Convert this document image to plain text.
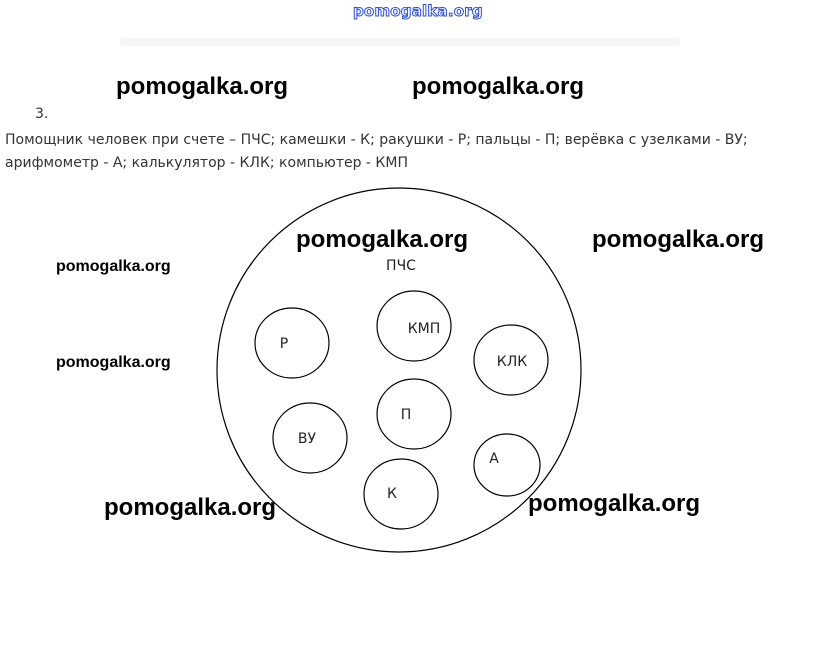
pomogalka.org
pomogalka.org	pomogalka.org
3.
Помощник человек при счете – ПЧС; камешки - К; ракушки - Р; пальцы - П; верёвка с узелками - ВУ;
арифмометр - А; калькулятор - КЛК; компьютер - КМП
ПЧС
Р
КМП
КЛК
П
ВУ
А
К
pomogalka.org	pomogalka.org
pomogalka.org
pomogalka.org
pomogalka.org	pomogalka.org
